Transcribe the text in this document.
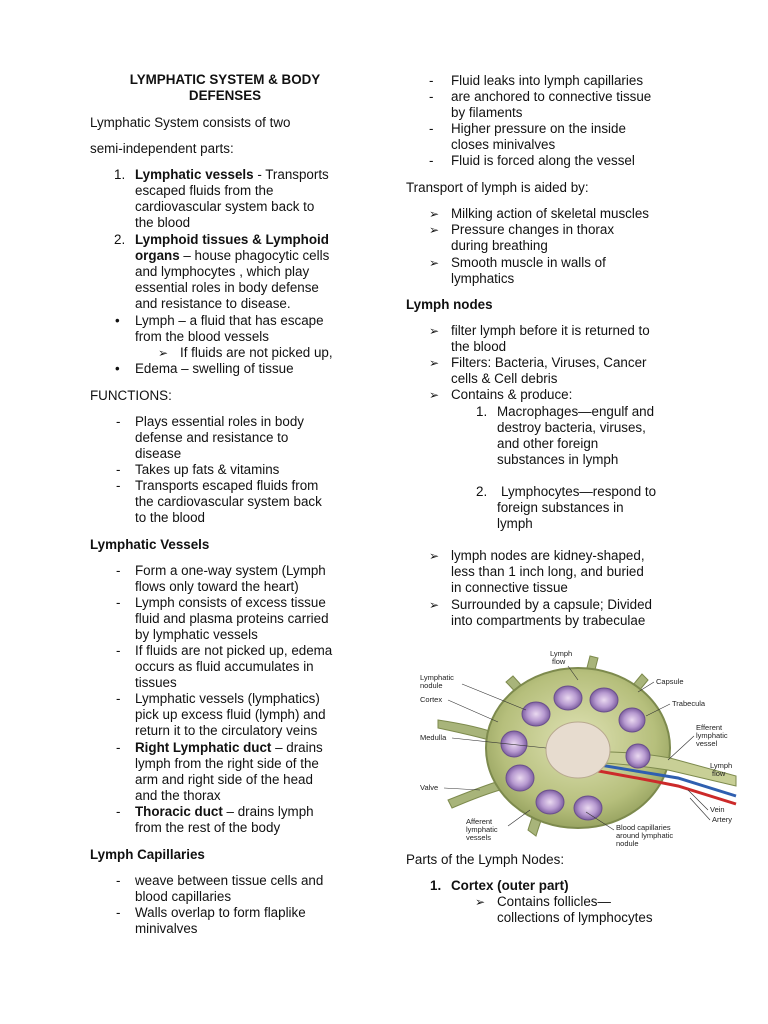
LYMPHATIC SYSTEM & BODY
DEFENSES
Lymphatic System consists of two
semi-independent parts:
1. Lymphatic vessels - Transports
escaped fluids from the
cardiovascular system back to
the blood
2. Lymphoid tissues & Lymphoid
organs – house phagocytic cells
and lymphocytes , which play
essential roles in body defense
and resistance to disease.
• Lymph – a fluid that has escape
from the blood vessels
➢ If fluids are not picked up,
• Edema – swelling of tissue
FUNCTIONS:
- Plays essential roles in body
defense and resistance to
disease
- Takes up fats & vitamins
- Transports escaped fluids from
the cardiovascular system back
to the blood
Lymphatic Vessels
- Form a one-way system (Lymph
flows only toward the heart)
- Lymph consists of excess tissue
fluid and plasma proteins carried
by lymphatic vessels
- If fluids are not picked up, edema
occurs as fluid accumulates in
tissues
- Lymphatic vessels (lymphatics)
pick up excess fluid (lymph) and
return it to the circulatory veins
- Right Lymphatic duct – drains
lymph from the right side of the
arm and right side of the head
and the thorax
- Thoracic duct – drains lymph
from the rest of the body
Lymph Capillaries
- weave between tissue cells and
blood capillaries
- Walls overlap to form flaplike
minivalves
- Fluid leaks into lymph capillaries
- are anchored to connective tissue
by filaments
- Higher pressure on the inside
closes minivalves
- Fluid is forced along the vessel
Transport of lymph is aided by:
➢ Milking action of skeletal muscles
➢ Pressure changes in thorax
during breathing
➢ Smooth muscle in walls of
lymphatics
Lymph nodes
➢ filter lymph before it is returned to
the blood
➢ Filters: Bacteria, Viruses, Cancer
cells & Cell debris
➢ Contains & produce:
1. Macrophages—engulf and
destroy bacteria, viruses,
and other foreign
substances in lymph
2. Lymphocytes—respond to
foreign substances in
lymph
➢ lymph nodes are kidney-shaped,
less than 1 inch long, and buried
in connective tissue
➢ Surrounded by a capsule; Divided
into compartments by trabeculae
Lymph
flow
Capsule
Trabecula
Efferent
lymphatic
vessel
Lymph
flow
Vein
Artery
Lymphatic
nodule
Cortex
Medulla
Valve
Afferent
lymphatic
vessels
Blood capillaries
around lymphatic
nodule
Parts of the Lymph Nodes:
1. Cortex (outer part)
➢ Contains follicles—
collections of lymphocytes
